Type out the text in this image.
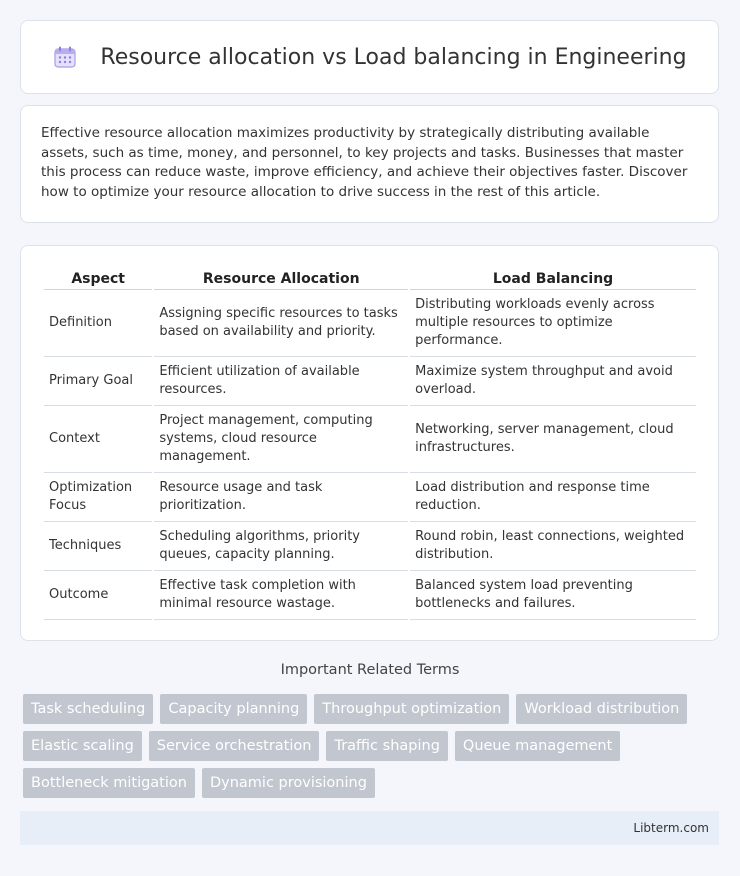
Resource allocation vs Load balancing in Engineering

Effective resource allocation maximizes productivity by strategically distributing available assets, such as time, money, and personnel, to key projects and tasks. Businesses that master this process can reduce waste, improve efficiency, and achieve their objectives faster. Discover how to optimize your resource allocation to drive success in the rest of this article.

Aspect	Resource Allocation	Load Balancing
Definition	Assigning specific resources to tasks based on availability and priority.	Distributing workloads evenly across multiple resources to optimize performance.
Primary Goal	Efficient utilization of available resources.	Maximize system throughput and avoid overload.
Context	Project management, computing systems, cloud resource management.	Networking, server management, cloud infrastructures.
Optimization Focus	Resource usage and task prioritization.	Load distribution and response time reduction.
Techniques	Scheduling algorithms, priority queues, capacity planning.	Round robin, least connections, weighted distribution.
Outcome	Effective task completion with minimal resource wastage.	Balanced system load preventing bottlenecks and failures.
Important Related Terms
Task scheduling	Capacity planning	Throughput optimization	Workload distribution
Elastic scaling	Service orchestration	Traffic shaping	Queue management
Bottleneck mitigation	Dynamic provisioning
Libterm.com
